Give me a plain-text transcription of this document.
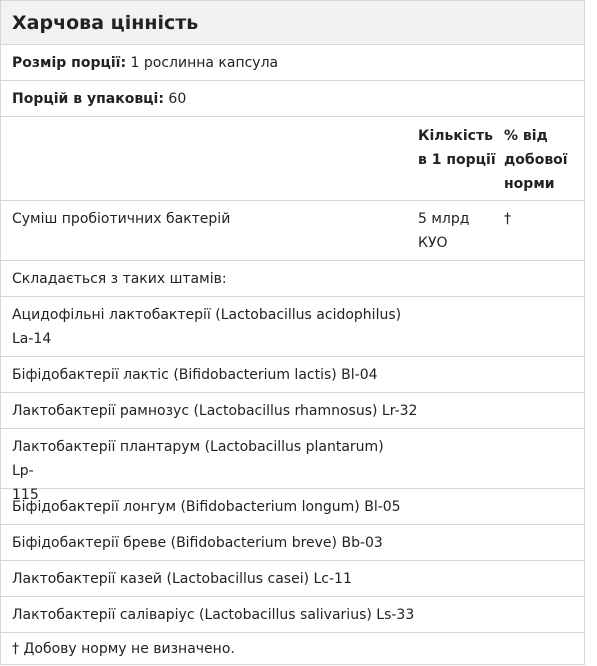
Харчова цінність
Розмір порції: 1 рослинна капсула
Порцій в упаковці: 60
Кількість
в 1 порції
% від
добової
норми
Суміш пробіотичних бактерій	5 млрд
КУО
†
Складається з таких штамів:
Ацидофільні лактобактерії (Lactobacillus acidophilus)
La-14
Біфідобактерії лактіс (Bifidobacterium lactis) Bl-04
Лактобактерії рамнозус (Lactobacillus rhamnosus) Lr-32
Лактобактерії плантарум (Lactobacillus plantarum) Lp-
115
Біфідобактерії лонгум (Bifidobacterium longum) Bl-05
Біфідобактерії бреве (Bifidobacterium breve) Bb-03
Лактобактерії казей (Lactobacillus casei) Lc-11
Лактобактерії саліваріус (Lactobacillus salivarius) Ls-33
† Добову норму не визначено.
